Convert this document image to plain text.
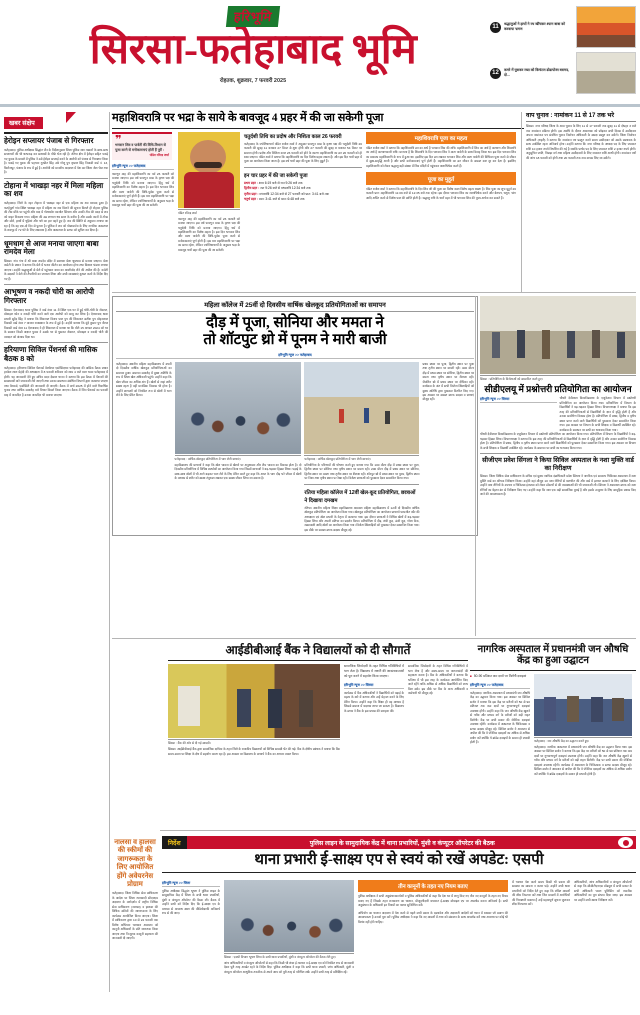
हरिभूमि
सिरसा-फतेहाबाद भूमि
रोहतक, शुक्रवार, 7 फरवरी 2025
11
श्रद्धालुओं ने हाथों ने रथ खींचकर श्याम बाबा को करवाया भ्रमण
12
कमरे में घुसकर रखा को किचंटल डोडापोस्त बरामद, दो...
खबर संक्षेप
हेरोइन सप्लायर पंजाब से गिरफ्तार
फतेहाबाद। पुलिस अधीक्षक सिद्धांत जैन के निर्देशानुसार जिला पुलिस नशा तस्करों के साथ-साथ सप्लायरों की भी धरपकड़ कर सलाखों के पीछे भेज रही है। रतिया क्षेत्र में हेरोइन सहित पकड़े गए युवक के मामले में पुलिस ने उसे हेरोइन सप्लाई करने के आरोपी को पंजाब से गिरफ्तार किया है। पकड़े गए युवक की पहचान गुरप्रीत सिंह उर्फ गोलू पुत्र कृपाल सिंह निवासी वार्ड नं. 13, फिरोजपुर, पंजाब के रूप में हुई है। आरोपी को माननीय अदालत में पेश कर जिला जेल भेज गया है।
टोहाना में भाखड़ा नहर में मिला महिला का शव
फतेहाबाद। जिले के नहर टोहाना में भाखड़ा नहर से एक महिला का शव बरामद हुआ है। फतहेपुर्ता गांव स्थित भाखड़ा नहर में महिला का शव मिलने की सूचना मिलते ही टोहाना पुलिस की टीम मौके पर पहुंची और बाद में गोताखोर नवजोत सिंगला और उनकी टीम की मदद से शव को बाहर निकाला गया। महिला की उम्र लगभग 55 साल के करीब है और उसके कानों में टॉप्स और सोने, हाथों में चूड़ियां और गले का हार पहने हुए है। शव की स्थिति से अनुमान लगाया जा रहा है कि वह एक-दो दिन से पुराना है। पुलिस ने शव को पोस्टमार्टम के लिए नागरिक अस्पताल के शवगृह में 72 घंटे के लिए रखवाया है और अस्पताल के स्टाफ को सूचित कर दिया है।
धूमधाम से आज मनाया जाएगा बाबा रामदेव मेला
सिरसा। गांव गंगा में श्री बाबा रामदेव मंदिर में सालाना मेला धूमधाम से मनाया जाएगा। मेला कमेटी के प्रधान ने बताया कि मेले में भजन कीर्तन का आयोजन होगा तथा विशाल भंडारा लगाया जाएगा। उन्होंने श्रद्धालुओं से मेले में पहुंचकर बाबा का आशीर्वाद लेने की अपील की है। कमेटी के सदस्यों ने मेले की तैयारियों का जायजा लिया और सभी व्यवस्थाएं दुरुस्त करने के निर्देश दिए गए हैं।
आभूषण व नकदी चोरी का आरोपी गिरफ्तार
सिरसा। ऐलनाबाद थाना पुलिस ने वार्ड नंबर 11 में स्थित एक घर में हुई चोरी-चोरी के जेवरात, मोबाइल फोन व नकदी चोरी करने वाले एक आरोपी को काबू कर लिया है। ऐलनाबाद थाना प्रभारी सुरेंद्र सिंह ने बताया कि शिकायत विजय पाल पुत्र की शिकायत सतीश पुत्र मोहनलाल निवासी वार्ड नंबर 7 बाजार राजस्थान के रूप में हुई है। उन्होंने बताया कि मुंदे कुमार पुत्र नीरज निवासी वार्ड नंबर 11 ऐलनाबाद ने ही शिकायत में बताया था कि बीते 15 अगस्त 2024 को घर के सामान किसी अज्ञात युवक ने उसके घर से घुसकर जेवरात, मोबाइल व नकदी चोरी की वारदात को अंजाम दिया था।
हरियाणा सिविल पेंशनर्स की मासिक बैठक 8 को
फतेहाबाद। हरियाणा सिविल पेंशनर्स वेलफेयर एसोसिएशन फतेहाबाद की मासिक बैठक प्रधान हरकेश लाल मेहंदी की अध्यक्षता में 8 फरवरी शनिवार को शाम 4 बजे बाल भवन फतेहाबाद में होगी। यह जानकारी देते हुए सचिव मदन देसाल चानन ने बताया कि इस बैठक में पेंशनरों की समस्याओं बारे जानकारी लेने जाएगी तथा उनका समाधान संबंधित विभागों द्वारा करवाया जाएगा तथा पेंशनर्स, एसोसिटी की जानकारी दी जाएगी। बैठक में मार्च 2025 में होने वाले त्रिवार्षिक चुनाव तथा वार्षिक समारोह बारे विचार विमर्श किया जाएगा। बैठक में जिन पेंशनर्स का फरवरी माह में जन्मदिन है उनका जन्मदिन भी मनाया जाएगा।
नालसा व हालसा की स्कीमों की जागरूकता के लिए आयोजित होंगे अवेयरनेस प्रोग्राम
फतेहाबाद। जिला विधिक सेवा प्राधिकरण के आदेश पर जिला न्यायवादी सीएमएम अदालत के मार्गदर्शन में राष्ट्रीय विधिक सेवा प्राधिकरण (नालसा) व हालसा की विधिक स्कीमों की जागरूकता के लिए कार्यक्रम आयोजित किया जाएगा। जिला में प्राधिकरण द्वारा 10 से 22 फरवरी तक विशेष अभियान चलाकर आमजन को कानूनी अधिकारों के प्रति जागरूक किया जाएगा तथा नि:शुल्क कानूनी सहायता की जानकारी दी जाएगी।
महाशिवरात्रि पर भद्रा के साये के बावजूद 4 प्रहर में की जा सकेगी पूजा
❞
भगवान शिव व पार्वती की विधि-विधान से पूजा करने से मनोकामनाएं होती हैं पूरी :
पंडित रविन्द्र शर्मा
हरिभूमि न्यूज >> फतेहाबाद
फाल्गुन माह की महाशिवरात्रि का पर्व 26 फरवरी को मनाया जाएगा। इस वर्ष फाल्गुन मास के कृष्ण पक्ष की चतुर्दशी तिथि को मनाया जाएगा। हिंदू धर्म में महाशिवरात्रि का विशेष महत्व है। इस दिन भगवान शिव और माता पार्वती की विधि-पूर्वक पूजा करने से मनोकामनाएं पूर्ण होती हैं। इस बार महाशिवरात्रि पर भद्रा का साया रहेगा, लेकिन ज्योतिषाचार्यों के अनुसार भद्रा के बावजूद चारों प्रहर की पूजा की जा सकेगी।
पंडित रविन्द्र शर्मा
फाल्गुन माह की महाशिवरात्रि का पर्व 26 फरवरी को मनाया जाएगा। इस वर्ष फाल्गुन मास के कृष्ण पक्ष की चतुर्दशी तिथि को मनाया जाएगा। हिंदू धर्म में महाशिवरात्रि का विशेष महत्व है। इस दिन भगवान शिव और माता पार्वती की विधि-पूर्वक पूजा करने से मनोकामनाएं पूर्ण होती हैं। इस बार महाशिवरात्रि पर भद्रा का साया रहेगा, लेकिन ज्योतिषाचार्यों के अनुसार भद्रा के बावजूद चारों प्रहर की पूजा की जा सकेगी।
चतुर्दशी तिथि का प्रदोष और निशिता काल 26 फरवरी
फतेहाबाद के ज्योतिषाचार्य पंडित राजेश शर्मा ने अनुसार फाल्गुन मास के कृष्ण पक्ष की चतुर्दशी तिथि 26 फरवरी की सुबह 11 बजकर 27 मिनट से शुरू होगी और 27 फरवरी की सुबह 8 बजकर 54 मिनट पर समाप्त होगी। प्रदोष और निशिता काल 26 फरवरी को होने के कारण महाशिवरात्रि का व्रत 26 फरवरी को ही रखा जाएगा। पंडित शर्मा ने बताया कि महाशिवरात्रि का दिन विशेष महत्व रखता है। और इस दिन चारों प्रहर में पूजा का आयोजन किया जाता है। इस वर्ष चारों प्रहर की पूजा के लिए मुहूर्त हैं।
इन चार प्रहर में की जा सकेगी पूजा
प्रथम प्रहर : शाम 6:19 बजे से रात 9:26 बजे तक
द्वितीय प्रहर : रात 9:26 बजे से मध्यरात्रि 12:34 बजे तक
तृतीय प्रहर : मध्यरात्रि 12:34 बजे से 27 फरवरी को प्रात: 3:41 बजे तक
चतुर्थ प्रहर : प्रात: 3:41 बजे से प्रात: 6:48 बजे तक
महाशिवरात्रि पूजा का महत्व
पंडित राजेश शर्मा ने बताया कि महाशिवरात्रि व्रत का अर्थ है भगवान शिव की रात्रि। महाशिवरात्रि में शिव का अर्थ है कल्याण और शिवरात्रि का अर्थ है कल्याणकारी रात्रि। मान्यता है कि शिवरात्रि के दिन भगवान शिव ने माता पार्वती के साथ विवाह किया था। इस दिन भगवान शिव का प्राकट्य महाशिवरात्रि के रूप में हुआ था। इसलिए इस दिन व्रत रखकर भगवान शिव और माता पार्वती की विधिवत पूजा करने से जीवन में सुख-समृद्धि आती है और सभी मनोकामनाएं पूर्ण होती हैं। महाशिवरात्रि का व्रत जीवन के समस्त कष्ट दूर कर देता है। इसलिए महाशिवरात्रि को लेकर श्रद्धालु बड़ी संख्या में शिव मंदिरों में पहुंचकर जलाभिषेक करते हैं।
पूजा का मुहूर्त
पंडित राजेश शर्मा ने बताया कि महाशिवरात्रि के दिन शिव जी की पूजा का विशेष काल विशेष महत्व रखता है। शिव पूजा का शुभ मुहूर्त 26 फरवरी प्रात: महाशिवरात्रि 11:09 बजे से 12:35 बजे तक रहेगा। इस दौरान भगवान शिव का जलाभिषेक करने और बेलपत्र, धतूरा, भांग आदि अर्पित करने से विशेष फल की प्राप्ति होती है। श्रद्धालु रात्रि के चारों प्रहर में भी भगवान शिव की पूजा-अर्चना कर सकते हैं।
वाप चुनाव : नामांकन 11 से 17 तक भरे
सिरसा। नगर परिषद जिला के आम चुनाव के लिए 11 से 17 फरवरी तक सुबह 11 से दोपहर 3 बजे तक नामांकन प्रक्रिया होगी। इस अवधि के दौरान आवश्यक को छोड़कर सभी दिवस में उम्मीदवार अपना नामांकन पत्र संबंधित चुनाव निर्वाचन अधिकारी के समक्ष प्रस्तुत कर सकेंगे। जिला निर्वाचन अधिकारी (शहरी) ने बताया कि नामांकन पत्र प्रस्तुत करते समय उम्मीदवार को उसके प्रस्तावक के साथ उपस्थित रहना अनिवार्य होगा। उन्होंने बताया कि नगर परिषद के अध्यक्ष पद के लिए जमानत राशि 10 हजार रुपये निर्धारित की गई है जबकि पार्षद पद के लिए जमानत राशि 2 हजार रुपये होगी। अनुसूचित जाति, पिछड़ा वर्ग तथा महिला उम्मीदवारों के लिए जमानत राशि आधी होगी। नामांकन पत्रों की जांच 18 फरवरी को होगी तथा 20 फरवरी तक नाम वापस लिए जा सकेंगे।
महिला कॉलेज में 25वीं दो दिवसीय वार्षिक खेलकूद प्रतियोगिताओं का समापन
दौड़ में पूजा, सोनिया और ममता ने
तो शॉटपुट थ्रो में पूनम ने मारी बाजी
हरिभूमि न्यूज >> फतेहाबाद
फतेहाबाद। स्थानीय महिला महाविद्यालय में 25वीं दो दिवसीय वार्षिक खेलकूद प्रतियोगिताओं का समापन हुआ। समापन समारोह में मुख्य अतिथि के रूप में जिला खेल अधिकारी पहुंचे। उन्होंने कहा कि खेल जीवन का अभिन्न अंग हैं। खेलों से जहां शरीर स्वस्थ रहता है वहीं मानसिक विकास भी होता है। उन्होंने छात्राओं को नियमित रूप से खेलों में भाग लेने के लिए प्रेरित किया।
फतेहाबाद : वार्षिक खेलकूद प्रतियोगिता में भाग लेती छात्राएं।
महाविद्यालय की प्राचार्या ने कहा कि खेल भावना से खेलने पर अनुशासन और टीम भावना का विकास होता है। दो दिवसीय प्रतियोगिता में विभिन्न स्पर्धाओं का आयोजन किया गया जिसमें छात्राओं ने बढ़-चढ़कर हिस्सा लिया। पढ़ाई के साथ-साथ खेलों में भी आगे बढ़कर भाग लेने के लिए प्रेरित करते हुए कहा कि आज के भाग दौड़ भरे जीवन में खेलों के माध्यम से शरीर को स्वस्थ तंदुरुस्त रखकर एक स्वस्थ जीवन जिया जा सकता है।
फतेहाबाद : वार्षिक खेलकूद प्रतियोगिता में भाग लेती छात्राएं।
प्रतियोगिता के परिणामों की घोषणा करते हुए बताया गया कि 100 मीटर दौड़ में प्रथम स्थान पर पूजा, द्वितीय स्थान पर सोनिया तथा तृतीय स्थान पर ममता रही। 200 मीटर दौड़ में प्रथम स्थान पर सोनिया, द्वितीय स्थान पर ममता तथा तृतीय स्थान पर शैलजा रही। शॉटपुट थ्रो में प्रथम स्थान पर पूनम, द्वितीय स्थान पर निशा तथा तृतीय स्थान पर रेखा रही। विजेता छात्राओं को पुरस्कार देकर सम्मानित किया गया।
रतिया महिला कॉलेज में 12वीं खेल-कूद प्रतियोगिता, छात्राओं ने दिखाया दमखम
रतिया। स्थानीय महिला शिक्षा महाविद्यालय अग्रवाल महिला महाविद्यालय में 12वीं दो दिवसीय वार्षिक खेलकूद प्रतियोगिता का आयोजन किया गया। खेलकूद प्रतियोगिता का आयोजन प्राचार्या परमजीत कौर की अध्यक्षता एवं खेल प्रभारी के नेतृत्व में करवाया गया। इस दौरान छात्राओं ने विभिन्न खेलों में बढ़-चढ़कर हिस्सा लिया और अपनी प्रतिभा का प्रदर्शन किया। प्रतियोगिता में दौड़, लंबी कूद, ऊंची कूद, गोला फेंक, रस्साकशी आदि खेलों का आयोजन किया गया। विजेता खिलाड़ियों को पुरस्कार देकर सम्मानित किया गया। इस मौके पर समस्त स्टाफ सदस्य मौजूद रहे।
प्रथम स्थान पर पूजा, द्वितीय स्थान पर पूजा तथा तृतीय स्थान पर मामरी रही। 400 मीटर दौड़ में प्रथम स्थान पर सोनिया, द्वितीय स्थान पर ममता तथा तृतीय स्थान पर शैलजा रही। जैवलिन थ्रो में प्रथम स्थान पर दीपिका रही। कार्यक्रम के अंत में सभी विजेता खिलाड़ियों को मुख्य अतिथि द्वारा पुरस्कार वितरित किए गए। इस अवसर पर समस्त स्टाफ सदस्य व छात्राएं मौजूद रहीं।
सिरसा : प्रतियोगिता के विजेताओं को सम्मानित करते हुए।
सीडीएलयू में प्रश्नोत्तरी प्रतियोगिता का आयोजन
हरिभूमि न्यूज >> सिरसा	चौधरी देवीलाल विश्वविद्यालय के एजुकेशन विभाग में प्रश्नोत्तरी प्रतियोगिता का आयोजन किया गया। प्रतियोगिता में विभाग के विद्यार्थियों ने बढ़-चढ़कर हिस्सा लिया। विभागाध्यक्ष ने बताया कि इस तरह की प्रतियोगिताओं से विद्यार्थियों के ज्ञान में वृद्धि होती है और उनका सर्वांगीण विकास होता है। प्रतियोगिता में प्रथम, द्वितीय व तृतीय स्थान प्राप्त करने वाले विद्यार्थियों को पुरस्कार देकर सम्मानित किया गया। इस अवसर पर विभाग के सभी शिक्षक व विद्यार्थी उपस्थित रहे। कार्यक्रम के समापन पर सभी का धन्यवाद किया गया।
चौधरी देवीलाल विश्वविद्यालय के एजुकेशन विभाग में प्रश्नोत्तरी प्रतियोगिता का आयोजन किया गया। प्रतियोगिता में विभाग के विद्यार्थियों ने बढ़-चढ़कर हिस्सा लिया। विभागाध्यक्ष ने बताया कि इस तरह की प्रतियोगिताओं से विद्यार्थियों के ज्ञान में वृद्धि होती है और उनका सर्वांगीण विकास होता है। प्रतियोगिता में प्रथम, द्वितीय व तृतीय स्थान प्राप्त करने वाले विद्यार्थियों को पुरस्कार देकर सम्मानित किया गया। इस अवसर पर विभाग के सभी शिक्षक व विद्यार्थी उपस्थित रहे। कार्यक्रम के समापन पर सभी का धन्यवाद किया गया।
सीजीएम प्रवेश सिंगला ने किया सिविल अस्पताल के नशा मुक्ति वार्ड का निरीक्षण
सिरसा। जिला विधिक सेवा प्राधिकरण के सचिव एवं मुख्य न्यायिक दंडाधिकारी प्रवेश सिंगला ने नागरिक एवं सामान्य चिकित्सा अस्पताल में नशा मुक्ति वार्ड का औचक निरीक्षण किया। उन्होंने वहां मौजूद 10 नशा रोगियों से बातचीत की और वार्ड में इलाज करवाने के लिए दाखिल किया। उन्होंने नशा रोगियों के उपचार व चिकित्सा इंतजाम को लेकर डॉक्टरों से की व्यवस्थाओं की भी जानकारी ली। सिंगला ने अस्पताल स्टाफ को नशा रोगियों का बेहतर ढंग से निरीक्षण किए गए। उन्होंने कहा कि नशा एक बड़ी सामाजिक बुराई है और इसके उन्मूलन के लिए सामूहिक प्रयास किए जाने की आवश्यकता है।
आईडीबीआई बैंक ने विद्यालयों को दी सौगातें
सिरसा : बैंक की ओर से दी गई सामग्री।
सिरसा। आईडीबीआई बैंक द्वारा सामाजिक दायित्व के तहत जिले के राजकीय विद्यालयों को विभिन्न सामग्री भेंट की गई। बैंक के क्षेत्रीय प्रबंधक ने बताया कि बैंक समय-समय पर शिक्षा के क्षेत्र में सहयोग करता रहा है। इस अवसर पर विद्यालय के प्राचार्य ने बैंक का आभार व्यक्त किया।
सामाजिक जिम्मेदारी के तहत विभिन्न गतिविधियों में भाग लेता है। विद्यालय में जरूरी की आवश्यकताओं को पूरा करने में सहयोग किया जाएगा।
हरिभूमि न्यूज >> सिरसा
कार्यक्रम में बैंक अधिकारियों ने विद्यार्थियों को पढ़ाई के महत्व के बारे में बताया और उन्हें मेहनत करने के लिए प्रेरित किया। उन्होंने कहा कि शिक्षा ही वह माध्यम है जिससे समाज में बदलाव लाया जा सकता है। विद्यालय के स्टाफ ने बैंक के इस प्रयास की सराहना की।
सामाजिक जिम्मेदारी के तहत विभिन्न गतिविधियों में भाग लेता है और समय-समय पर जरूरतमंदों की सहायता करता है। बैंक के अधिकारियों ने बताया कि भविष्य में भी इस तरह के कार्यक्रम आयोजित किए जाते रहेंगे ताकि अधिक से अधिक विद्यार्थियों को लाभ मिल सके। इस मौके पर बैंक के अन्य अधिकारी व कर्मचारी भी मौजूद रहे।
नागरिक अस्पताल में प्रधानमंत्री जन औषधि केंद्र का हुआ उद्घाटन
■ 50-90 प्रतिशत कम दामों पर मिलेंगी दवाइयां
हरिभूमि न्यूज >> फतेहाबाद
फतेहाबाद। नागरिक अस्पताल में प्रधानमंत्री जन औषधि केंद्र का उद्घाटन किया गया। इस अवसर पर सिविल सर्जन ने बताया कि इस केंद्र पर मरीजों को 50 से 90 प्रतिशत तक कम दामों पर गुणवत्तापूर्ण दवाइयां उपलब्ध होंगी। उन्होंने कहा कि जन औषधि केंद्र खुलने से गरीब और मध्यम वर्ग के मरीजों को बड़ी राहत मिलेगी। केंद्र पर सभी प्रकार की जेनेरिक दवाइयां उपलब्ध रहेंगी। कार्यक्रम में अस्पताल के चिकित्सक व स्टाफ सदस्य मौजूद रहे। सिविल सर्जन ने आमजन से अपील की कि वे जेनेरिक दवाइयों का अधिक से अधिक प्रयोग करें क्योंकि ये ब्रांडेड दवाइयों के समान ही प्रभावी होती हैं।	फतेहाबाद : जन औषधि केंद्र का उद्घाटन करते हुए।
फतेहाबाद। नागरिक अस्पताल में प्रधानमंत्री जन औषधि केंद्र का उद्घाटन किया गया। इस अवसर पर सिविल सर्जन ने बताया कि इस केंद्र पर मरीजों को 50 से 90 प्रतिशत तक कम दामों पर गुणवत्तापूर्ण दवाइयां उपलब्ध होंगी। उन्होंने कहा कि जन औषधि केंद्र खुलने से गरीब और मध्यम वर्ग के मरीजों को बड़ी राहत मिलेगी। केंद्र पर सभी प्रकार की जेनेरिक दवाइयां उपलब्ध रहेंगी। कार्यक्रम में अस्पताल के चिकित्सक व स्टाफ सदस्य मौजूद रहे। सिविल सर्जन ने आमजन से अपील की कि वे जेनेरिक दवाइयों का अधिक से अधिक प्रयोग करें क्योंकि ये ब्रांडेड दवाइयों के समान ही प्रभावी होती हैं।
निर्देश	पुलिस लाइन के सामुदायिक केंद्र में थाना प्रभारियों, मुंशी व कंप्यूटर ऑपरेटर की बैठक
थाना प्रभारी ई-साक्ष्य एप से स्वयं को रखें अपडेट: एसपी
हरिभूमि न्यूज >> जिला
पुलिस अधीक्षक सिद्धांत भूषण ने पुलिस लाइन के सामुदायिक केंद्र में जिला के सभी थाना प्रभारियों, मुंशी व कंप्यूटर ऑपरेटर की बैठक ली। बैठक में उन्होंने सभी को निर्देश दिए कि ई-साक्ष्य एप के माध्यम से अपराध स्थल की वीडियोग्राफी अनिवार्य रूप से की जाए।
सिरसा : एसपी विभाग भूषण लिया के सभी थाना प्रभारियों, मुंशी व कंप्यूटर ऑपरेटर की बैठक लेते हुए।
जांच अधिकारियों व कंप्यूटर ऑपरेटरों से कहा कि किसी भी लंबर ई-चालान व ई-साक्ष्य एप को नियमित रूप से जानकारी देकर पूरी तरह अपडेट रहने के निर्देश दिए। पुलिस अधीक्षक ने कहा कि सभी थाना प्रभारी, जांच अधिकारी, मुंशी व कंप्यूटर ऑपरेटर आधुनिक तकनीक से अपने आप को पूरी तरह से परिचित रखें। उन्होंने सभी तरह से प्रशिक्षित रहें।
तीन कानूनों के तहत नए नियम बताए
पुलिस अधीक्षक ने सभी अनुसंधानकर्ताओं व पुलिस अधिकारियों से कहा कि देश भर में लागू किए गए तीन नए कानूनों के तहत नए नियम बनाए गए हैं जिसके तहत राजकरण का चालान, मौजूदगीदारी बयानात ई-साक्ष्य मोबाइल एप पर अपलोड करना अनिवार्य है। सभी अनुसंधान के अधिकारी इन नियमों का पालन सुनिश्चित करें।
अभियोग का चालान अदालत में पेश करने से पहले सभी प्रकार के दस्तावेज और अदालती आदेशों को ध्यान में रखकर जो प्रमाण की आवश्यकता है उनको पूरा करें। पुलिस अधीक्षक ने कहा कि नए मामलों में तथ्य को संकलन के साथ अपलोड करें तथा अपराध पर कोई भी विलंब नहीं होने चाहिए।
में चालान पेश करने समय किसी भी प्रकार की समस्या का सामना न करना पड़े। उन्होंने सभी थाना प्रभारियों को निर्देश देते हुए कहा कि लंबित मामलों की शीघ्र निपटारा करें तथा जिन मामलों में आरोपियों की गिरफ्तारी बकाया है उन्हें महत्वपूर्ण सूचना जुटाकर शीघ्र गिरफ्तार करें।
अधिकारियों, जांच अधिकारियों व कंप्यूटर ऑपरेटरों से कहा कि सीसीटीएनएस मॉड्यूल में सभी प्रकार के सभी अधिकारी भारत पुलिसिंग को तकनीक अधिकारियों का पूरा संभाव दिया जाए। इस अवसर पर उन्होंने सभी खाता निरीक्षण करें।
